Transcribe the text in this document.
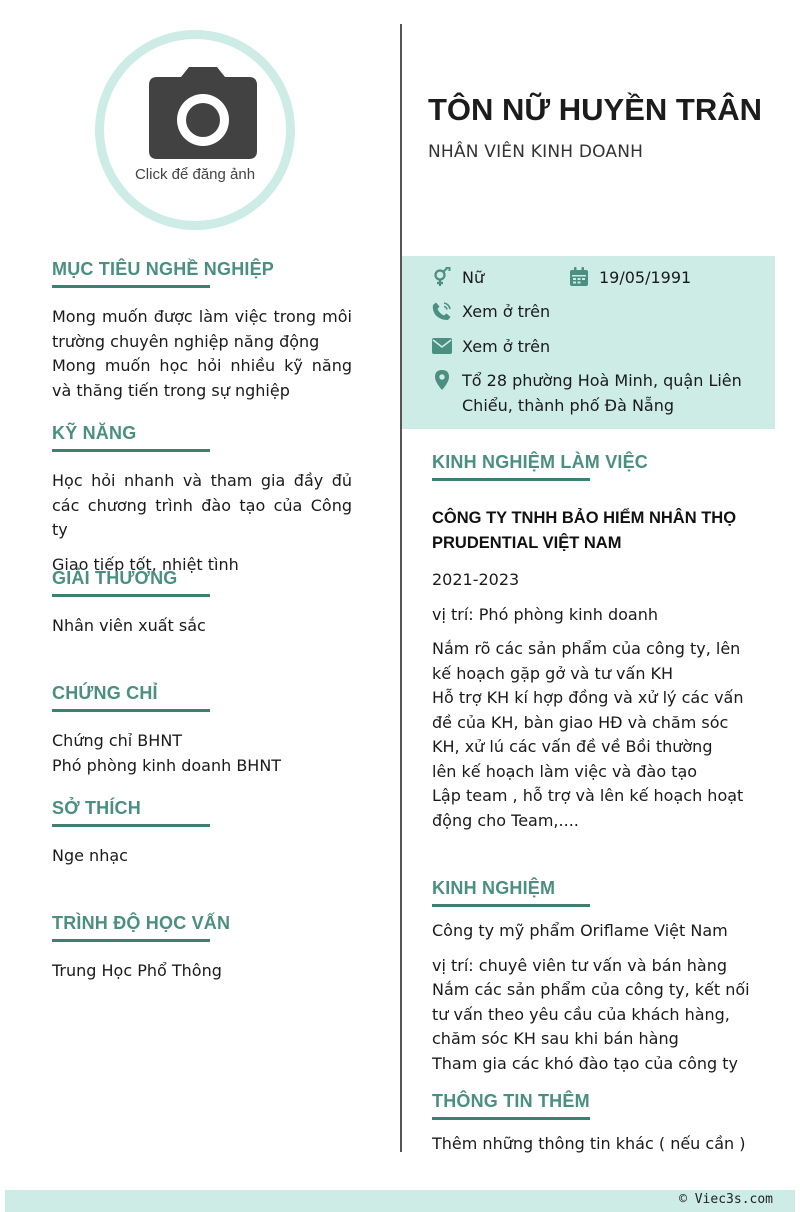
Click để đăng ảnh
TÔN NỮ HUYỀN TRÂN
NHÂN VIÊN KINH DOANH
Nữ	19/05/1991
Xem ở trên
Xem ở trên
Tổ 28 phường Hoà Minh, quận Liên Chiểu, thành phố Đà Nẵng
MỤC TIÊU NGHỀ NGHIỆP
Mong muốn được làm việc trong môi trường chuyên nghiệp năng động
Mong muốn học hỏi nhiều kỹ năng và thăng tiến trong sự nghiệp
KỸ NĂNG
Học hỏi nhanh và tham gia đầy đủ các chương trình đào tạo của Công ty
Giao tiếp tốt, nhiệt tình
GIẢI THƯỞNG
Nhân viên xuất sắc
CHỨNG CHỈ
Chứng chỉ BHNT
Phó phòng kinh doanh BHNT
SỞ THÍCH
Nge nhạc
TRÌNH ĐỘ HỌC VẤN
Trung Học Phổ Thông
KINH NGHIỆM LÀM VIỆC
CÔNG TY TNHH BẢO HIỂM NHÂN THỌ PRUDENTIAL VIỆT NAM
2021-2023
vị trí: Phó phòng kinh doanh
Nắm rõ các sản phẩm của công ty, lên kế hoạch gặp gở và tư vấn KH
Hỗ trợ KH kí hợp đồng và xử lý các vấn đề của KH, bàn giao HĐ và chăm sóc KH, xử lú các vấn đề về Bồi thường
lên kế hoạch làm việc và đào tạo
Lập team , hỗ trợ và lên kế hoạch hoạt động cho Team,....
KINH NGHIỆM
Công ty mỹ phẩm Oriflame Việt Nam
vị trí: chuyê viên tư vấn và bán hàng
Nắm các sản phẩm của công ty, kết nối tư vấn theo yêu cầu của khách hàng, chăm sóc KH sau khi bán hàng
Tham gia các khó đào tạo của công ty
THÔNG TIN THÊM
Thêm những thông tin khác ( nếu cần )
© Viec3s.com
